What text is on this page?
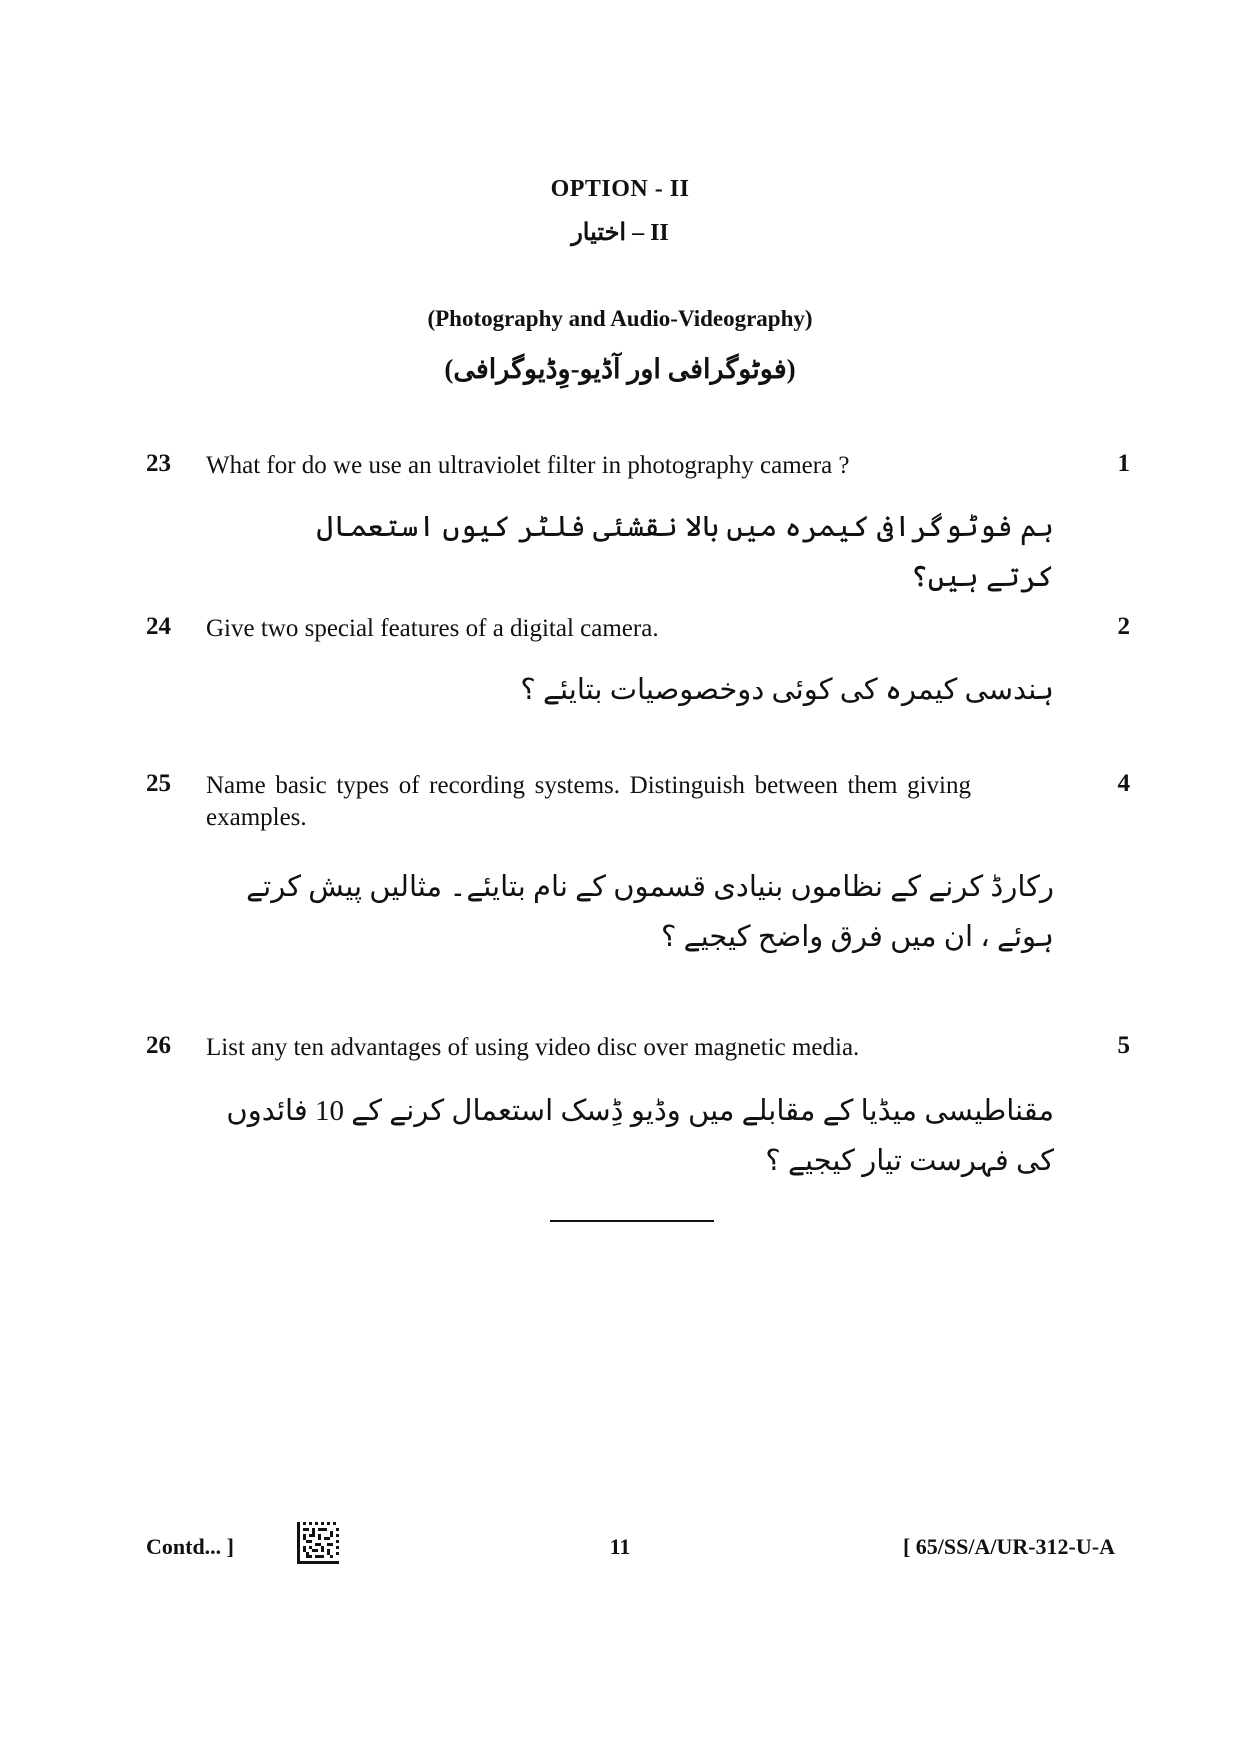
OPTION - II
II – اختیار
(Photography and Audio-Videography)
(فوٹوگرافی اور آڈیو-وِڈیوگرافی)
23 What for do we use an ultraviolet filter in photography camera ?	1
ہم فوٹوگرافی کیمرہ میں بالا نقشئی فلٹر کیوں استعمال کرتے ہیں؟
24 Give two special features of a digital camera.	2
ہندسی کیمرہ کی کوئی دوخصوصیات بتایئے ؟
25 Name basic types of recording systems. Distinguish between them giving examples.
4
رکارڈ کرنے کے نظاموں بنیادی قسموں کے نام بتایئے۔ مثالیں پیش کرتے ہوئے ، ان میں فرق واضح کیجیے ؟
26 List any ten advantages of using video disc over magnetic media.	5
مقناطیسی میڈیا کے مقابلے میں وڈیو ڈِسک استعمال کرنے کے 10 فائدوں کی فہرست تیار کیجیے ؟
Contd... ]	11	[ 65/SS/A/UR-312-U-A
